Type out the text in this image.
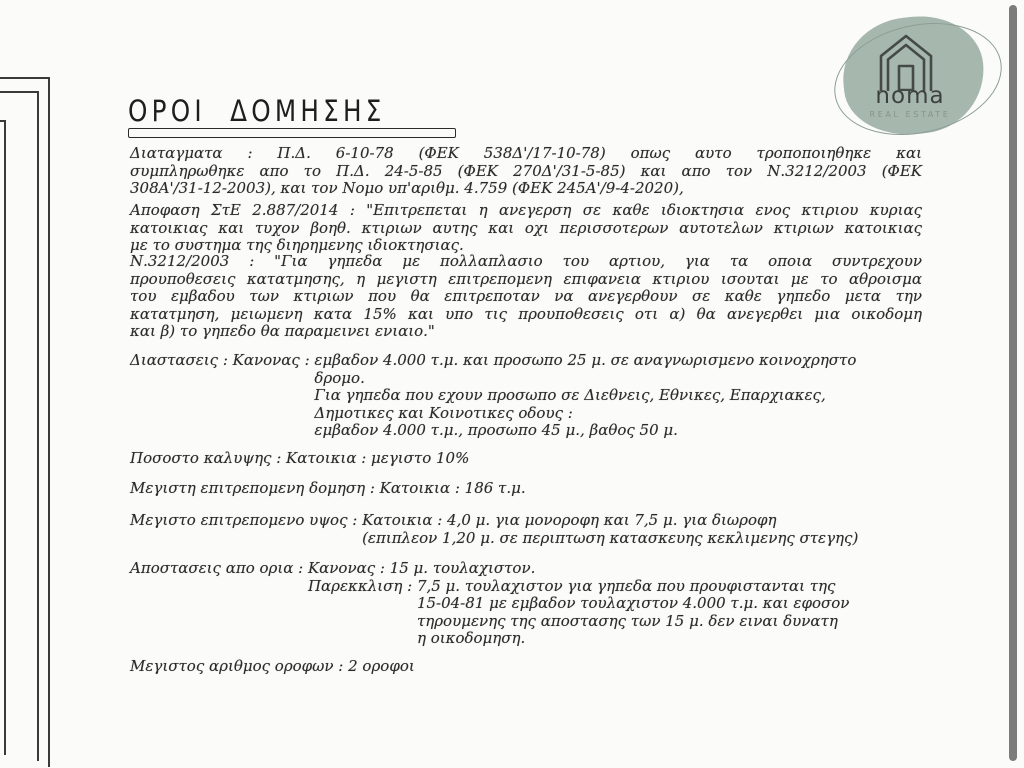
ΟΡΟΙ  ΔΟΜΗΣΗΣ
Διαταγματα : Π.Δ. 6-10-78 (ΦΕΚ 538Δ'/17-10-78) οπως αυτο τροποποιηθηκε και
συμπληρωθηκε απο το Π.Δ. 24-5-85 (ΦΕΚ 270Δ'/31-5-85) και απο τον Ν.3212/2003 (ΦΕΚ
308Α'/31-12-2003), και τον Νομο υπ'αριθμ. 4.759 (ΦΕΚ 245Α'/9-4-2020),
Αποφαση ΣτΕ 2.887/2014 : "Επιτρεπεται η ανεγερση σε καθε ιδιοκτησια ενος κτιριου κυριας
κατοικιας και τυχον βοηθ. κτιριων αυτης και οχι περισσοτερων αυτοτελων κτιριων κατοικιας
με το συστημα της διηρημενης ιδιοκτησιας.
Ν.3212/2003 : "Για γηπεδα με πολλαπλασιο του αρτιου, για τα οποια συντρεχουν
προυποθεσεις κατατμησης, η μεγιστη επιτρεπομενη επιφανεια κτιριου ισουται με το αθροισμα
του εμβαδου των κτιριων που θα επιτρεποταν να ανεγερθουν σε καθε γηπεδο μετα την
κατατμηση, μειωμενη κατα 15% και υπο τις προυποθεσεις οτι α) θα ανεγερθει μια οικοδομη
και β) το γηπεδο θα παραμεινει ενιαιο."
Διαστασεις : Κανονας : εμβαδον 4.000 τ.μ. και προσωπο 25 μ. σε αναγνωρισμενο κοινοχρηστο
δρομο.
Για γηπεδα που εχουν προσωπο σε Διεθνεις, Εθνικες, Επαρχιακες,
Δημοτικες και Κοινοτικες οδους :
εμβαδον 4.000 τ.μ., προσωπο 45 μ., βαθος 50 μ.
Ποσοστο καλυψης : Κατοικια : μεγιστο 10%
Μεγιστη επιτρεπομενη δομηση : Κατοικια : 186 τ.μ.
Μεγιστο επιτρεπομενο υψος : Κατοικια : 4,0 μ. για μονοροφη και 7,5 μ. για διωροφη
(επιπλεον 1,20 μ. σε περιπτωση κατασκευης κεκλιμενης στεγης)
Αποστασεις απο ορια : Κανονας : 15 μ. τουλαχιστον.
Παρεκκλιση : 7,5 μ. τουλαχιστον για γηπεδα που προυφιστανται της
15-04-81 με εμβαδον τουλαχιστον 4.000 τ.μ. και εφοσον
τηρουμενης της αποστασης των 15 μ. δεν ειναι δυνατη
η οικοδομηση.
Μεγιστος αριθμος οροφων : 2 οροφοι
noma
REAL ESTATE
